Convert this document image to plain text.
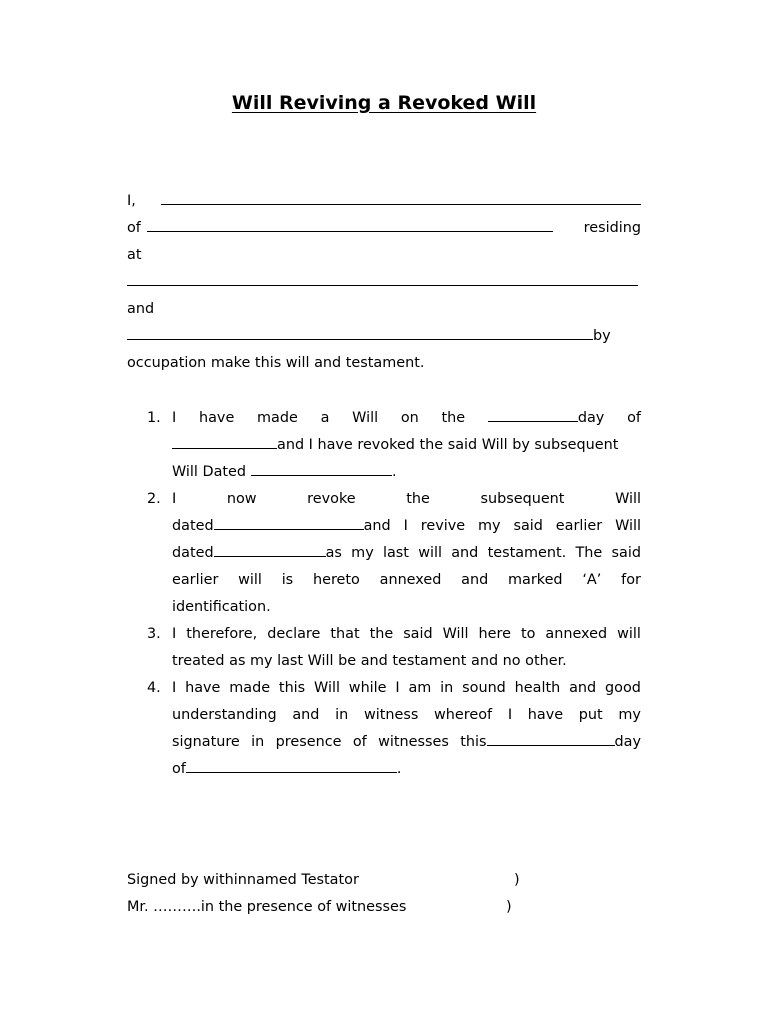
Will Reviving a Revoked Will
I,
of	residing
at
and
by
occupation make this will and testament.
1. I have made a Will on the	day of
and I have revoked the said Will by subsequent
Will Dated	.
2. I	now	revoke	the	subsequent	Will
dated	and I revive my said earlier Will
dated	as my last will and testament. The said
earlier will is hereto annexed and marked ‘A’ for
identification.
3. I therefore, declare that the said Will here to annexed will
treated as my last Will be and testament and no other.
4. I have made this Will while I am in sound health and good
understanding and in witness whereof I have put my
signature in presence of witnesses this	day
of	.
Signed by withinnamed Testator	)
Mr. ……….in the presence of witnesses	)
